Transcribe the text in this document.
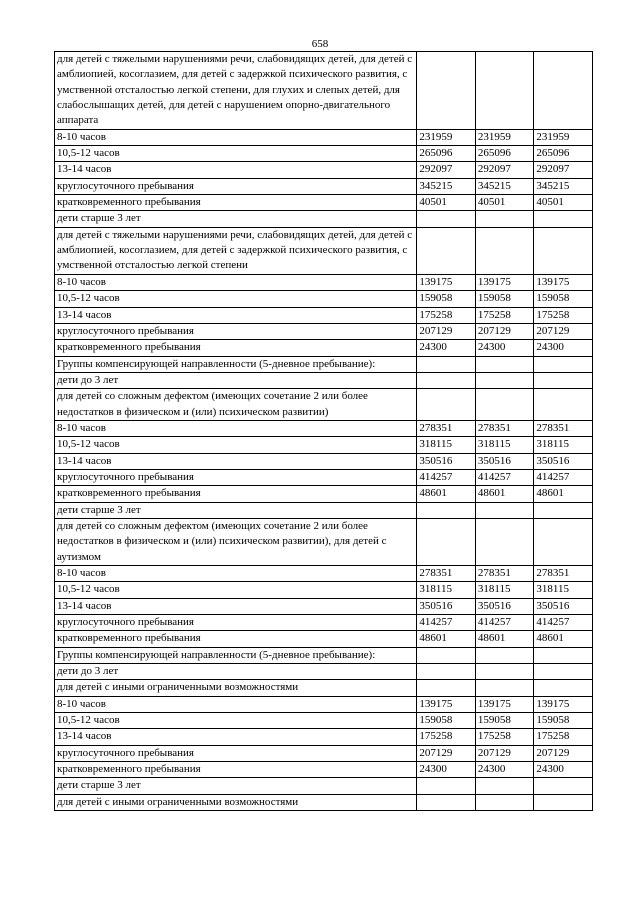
658
для детей с тяжелыми нарушениями речи, слабовидящих детей, для детей с амблиопией, косоглазием, для детей с задержкой психического развития, с умственной отсталостью легкой степени, для глухих и слепых детей, для слабослышащих детей, для детей с нарушением опорно-двигательного аппарата			
8-10 часов	231959	231959	231959
10,5-12 часов	265096	265096	265096
13-14 часов	292097	292097	292097
круглосуточного пребывания	345215	345215	345215
кратковременного пребывания	40501	40501	40501
дети старше 3 лет			
для детей с тяжелыми нарушениями речи, слабовидящих детей, для детей с амблиопией, косоглазием, для детей с задержкой психического развития, с умственной отсталостью легкой степени			
8-10 часов	139175	139175	139175
10,5-12 часов	159058	159058	159058
13-14 часов	175258	175258	175258
круглосуточного пребывания	207129	207129	207129
кратковременного пребывания	24300	24300	24300
Группы компенсирующей направленности (5-дневное пребывание):			
дети до 3 лет			
для детей со сложным дефектом (имеющих сочетание 2 или более недостатков в физическом и (или) психическом развитии)			
8-10 часов	278351	278351	278351
10,5-12 часов	318115	318115	318115
13-14 часов	350516	350516	350516
круглосуточного пребывания	414257	414257	414257
кратковременного пребывания	48601	48601	48601
дети старше 3 лет			
для детей со сложным дефектом (имеющих сочетание 2 или более недостатков в физическом и (или) психическом развитии), для детей с аутизмом			
8-10 часов	278351	278351	278351
10,5-12 часов	318115	318115	318115
13-14 часов	350516	350516	350516
круглосуточного пребывания	414257	414257	414257
кратковременного пребывания	48601	48601	48601
Группы компенсирующей направленности (5-дневное пребывание):			
дети до 3 лет			
для детей с иными ограниченными возможностями			
8-10 часов	139175	139175	139175
10,5-12 часов	159058	159058	159058
13-14 часов	175258	175258	175258
круглосуточного пребывания	207129	207129	207129
кратковременного пребывания	24300	24300	24300
дети старше 3 лет			
для детей с иными ограниченными возможностями			
